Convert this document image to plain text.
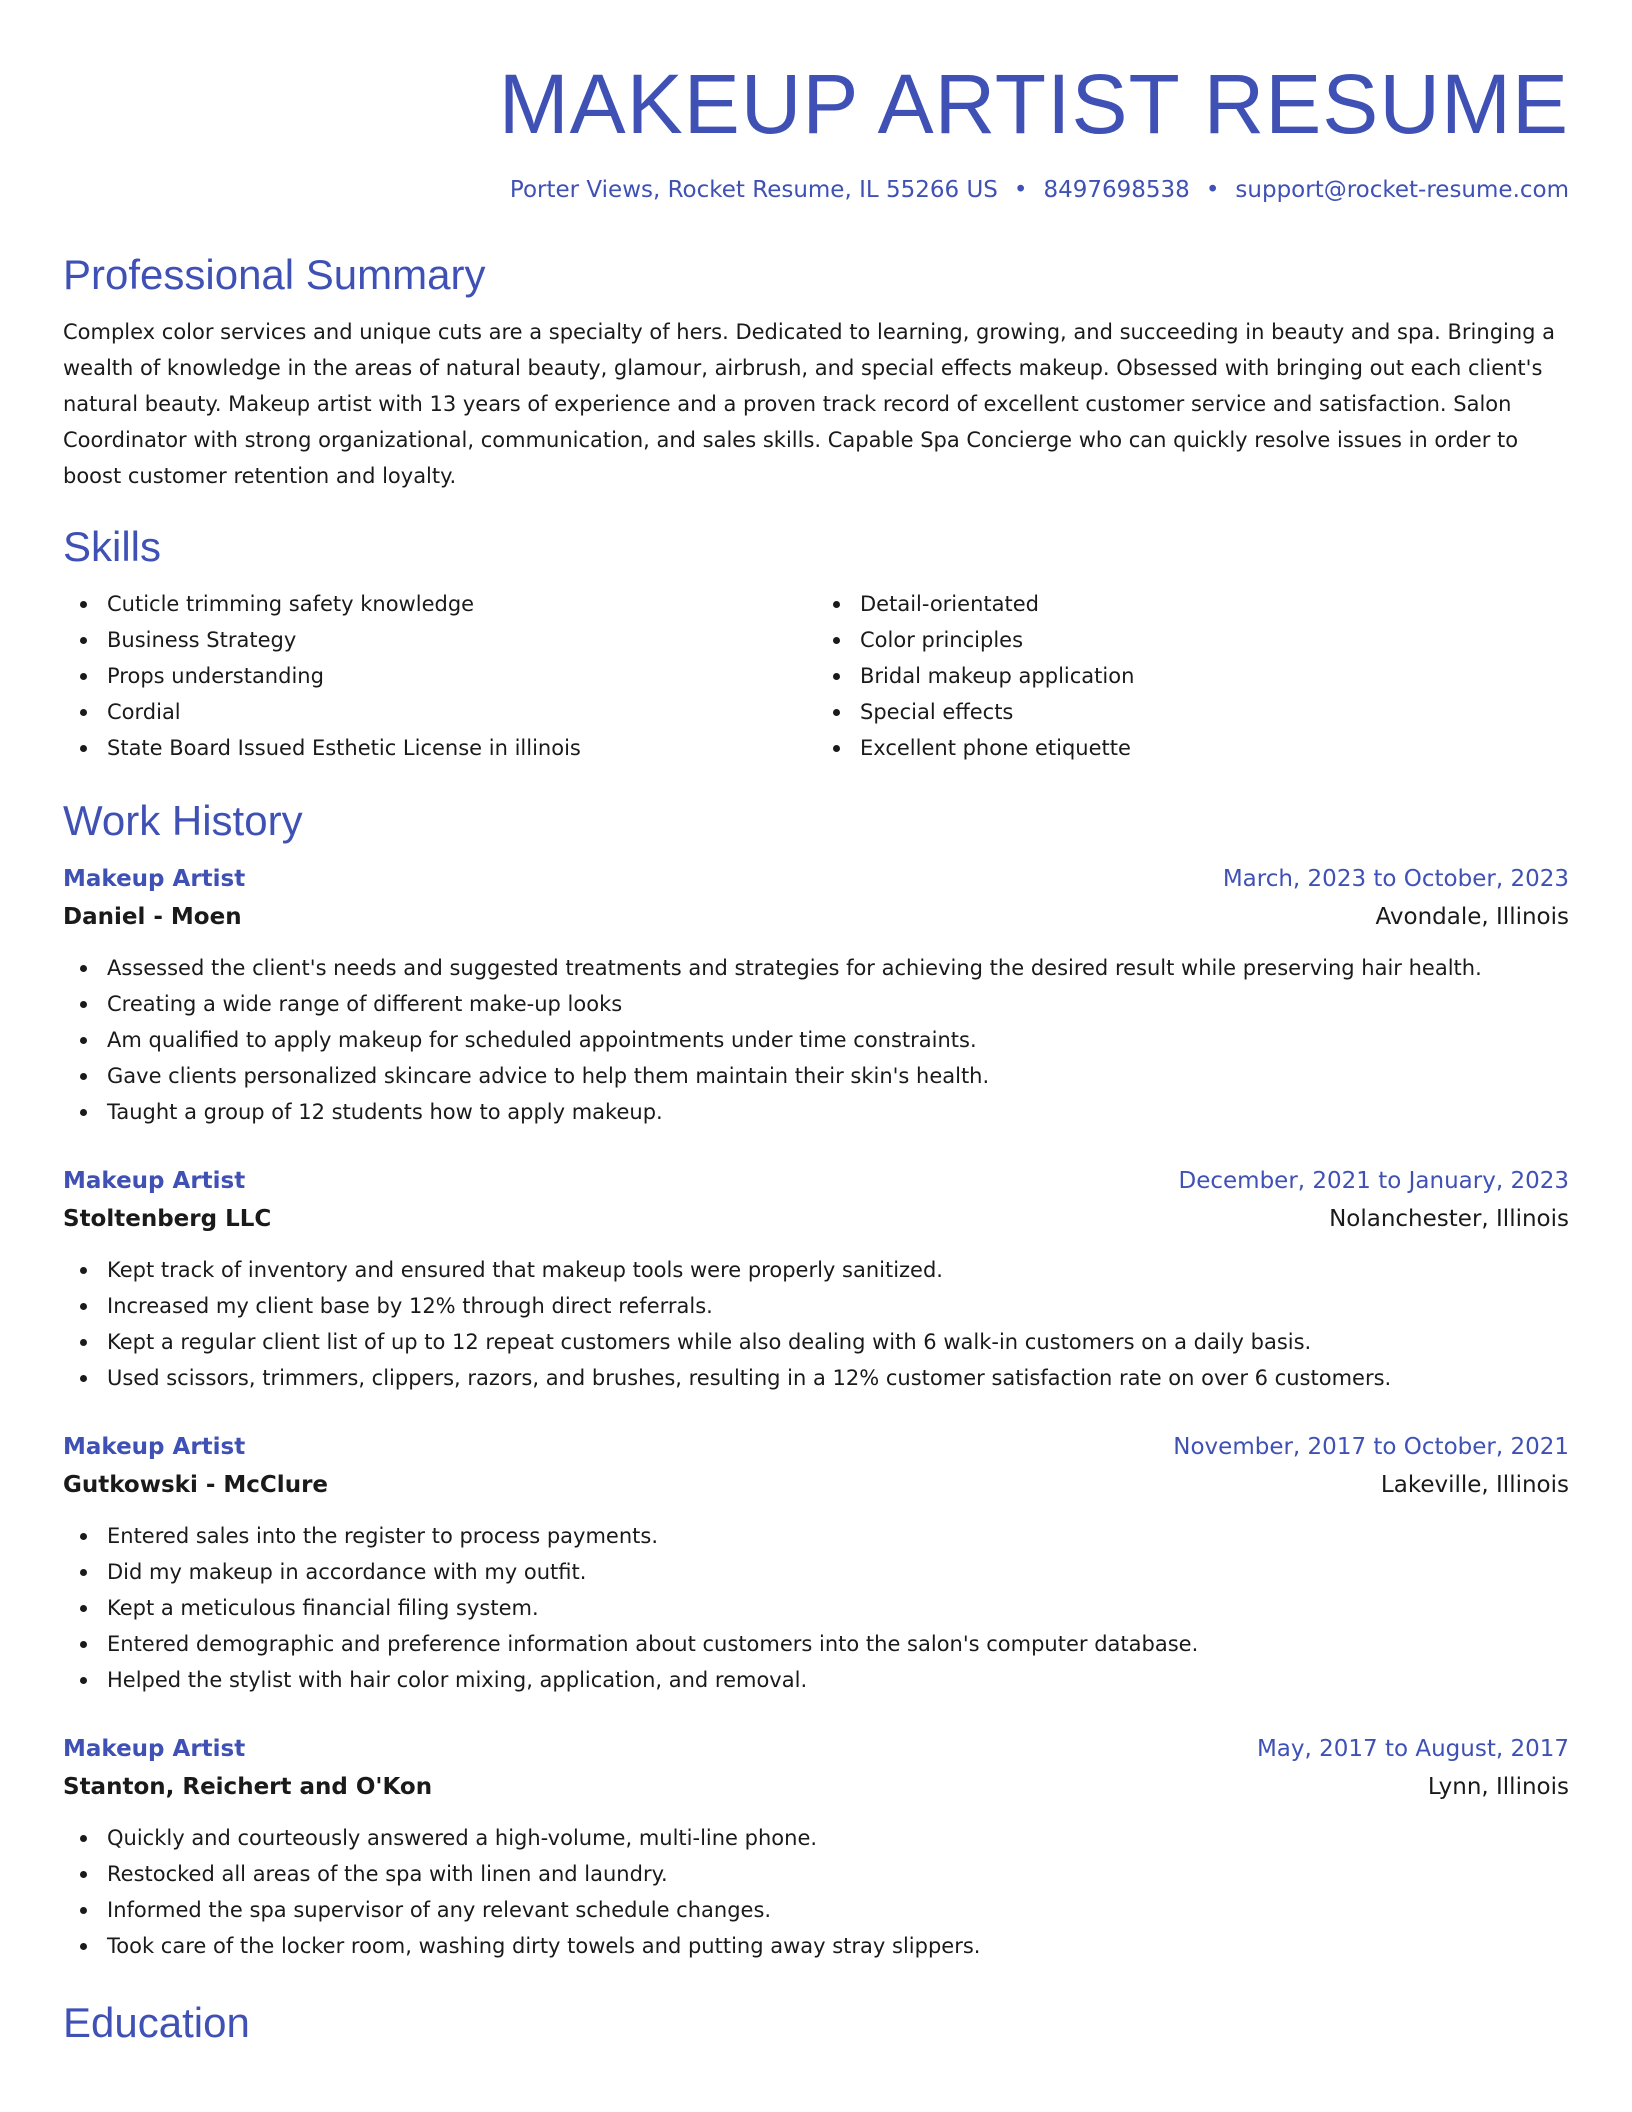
MAKEUP ARTIST RESUME
Porter Views, Rocket Resume, IL 55266 US • 8497698538 • support@rocket-resume.com
Professional Summary

Complex color services and unique cuts are a specialty of hers. Dedicated to learning, growing, and succeeding in beauty and spa. Bringing a wealth of knowledge in the areas of natural beauty, glamour, airbrush, and special effects makeup. Obsessed with bringing out each client's natural beauty. Makeup artist with 13 years of experience and a proven track record of excellent customer service and satisfaction. Salon Coordinator with strong organizational, communication, and sales skills. Capable Spa Concierge who can quickly resolve issues in order to boost customer retention and loyalty.

Skills
Cuticle trimming safety knowledge
Business Strategy
Props understanding
Cordial
State Board Issued Esthetic License in illinois
Detail-orientated
Color principles
Bridal makeup application
Special effects
Excellent phone etiquette
Work History
Makeup Artist	March, 2023 to October, 2023
Daniel - Moen	Avondale, Illinois
Assessed the client's needs and suggested treatments and strategies for achieving the desired result while preserving hair health.
Creating a wide range of different make-up looks
Am qualified to apply makeup for scheduled appointments under time constraints.
Gave clients personalized skincare advice to help them maintain their skin's health.
Taught a group of 12 students how to apply makeup.
Makeup Artist	December, 2021 to January, 2023
Stoltenberg LLC	Nolanchester, Illinois
Kept track of inventory and ensured that makeup tools were properly sanitized.
Increased my client base by 12% through direct referrals.
Kept a regular client list of up to 12 repeat customers while also dealing with 6 walk-in customers on a daily basis.
Used scissors, trimmers, clippers, razors, and brushes, resulting in a 12% customer satisfaction rate on over 6 customers.
Makeup Artist	November, 2017 to October, 2021
Gutkowski - McClure	Lakeville, Illinois
Entered sales into the register to process payments.
Did my makeup in accordance with my outfit.
Kept a meticulous financial filing system.
Entered demographic and preference information about customers into the salon's computer database.
Helped the stylist with hair color mixing, application, and removal.
Makeup Artist	May, 2017 to August, 2017
Stanton, Reichert and O'Kon	Lynn, Illinois
Quickly and courteously answered a high-volume, multi-line phone.
Restocked all areas of the spa with linen and laundry.
Informed the spa supervisor of any relevant schedule changes.
Took care of the locker room, washing dirty towels and putting away stray slippers.
Education
